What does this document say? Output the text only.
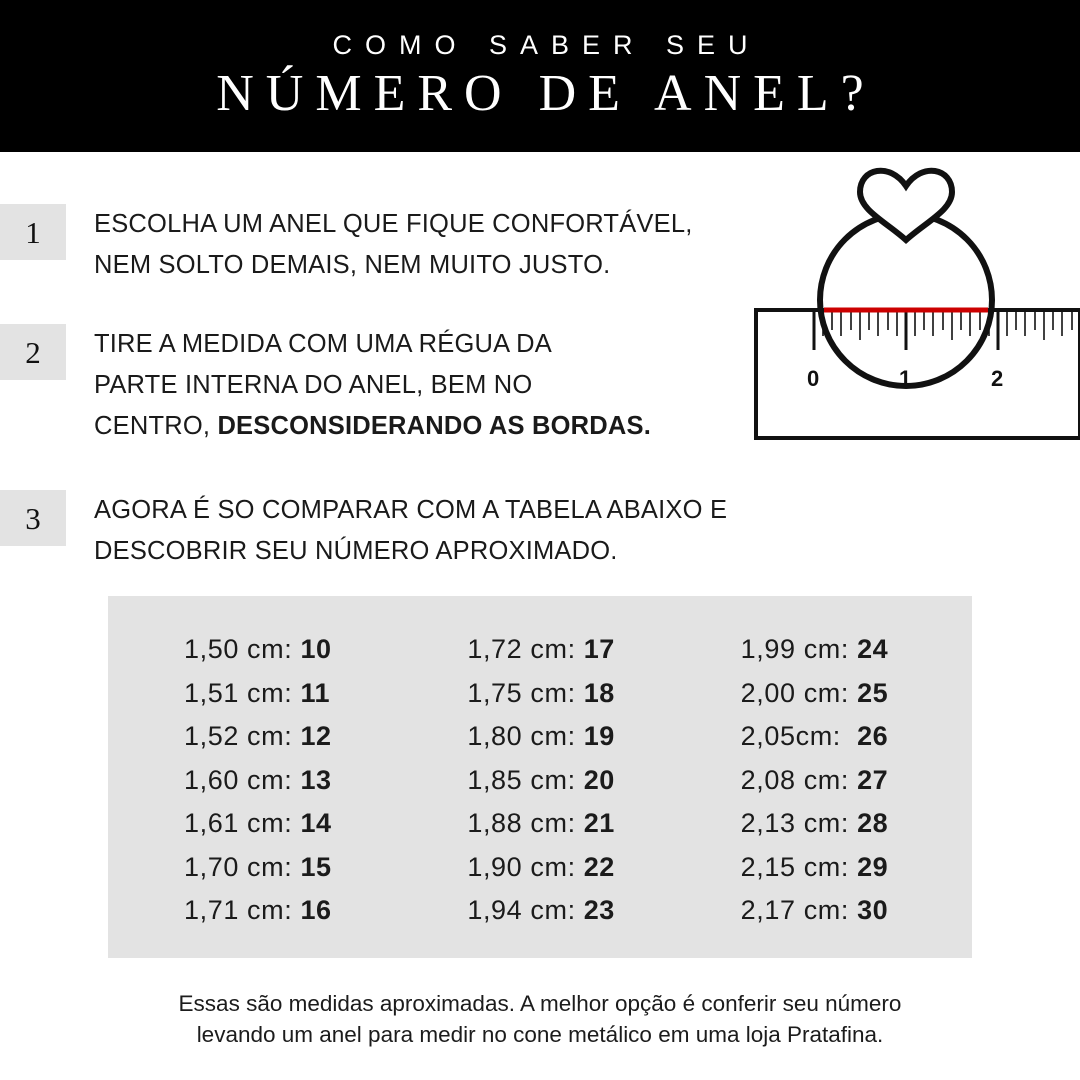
COMO SABER SEU
NÚMERO DE ANEL?
1	ESCOLHA UM ANEL QUE FIQUE CONFORTÁVEL,
NEM SOLTO DEMAIS, NEM MUITO JUSTO.
2	TIRE A MEDIDA COM UMA RÉGUA DA
PARTE INTERNA DO ANEL, BEM NO
CENTRO, DESCONSIDERANDO AS BORDAS.
3	AGORA É SO COMPARAR COM A TABELA ABAIXO E
DESCOBRIR SEU NÚMERO APROXIMADO.
0	1	2
1,50 cm: 10
1,51 cm: 11
1,52 cm: 12
1,60 cm: 13
1,61 cm: 14
1,70 cm: 15
1,71 cm: 16
1,72 cm: 17
1,75 cm: 18
1,80 cm: 19
1,85 cm: 20
1,88 cm: 21
1,90 cm: 22
1,94 cm: 23
1,99 cm: 24
2,00 cm: 25
2,05cm:  26
2,08 cm: 27
2,13 cm: 28
2,15 cm: 29
2,17 cm: 30
Essas são medidas aproximadas. A melhor opção é conferir seu número
levando um anel para medir no cone metálico em uma loja Pratafina.
